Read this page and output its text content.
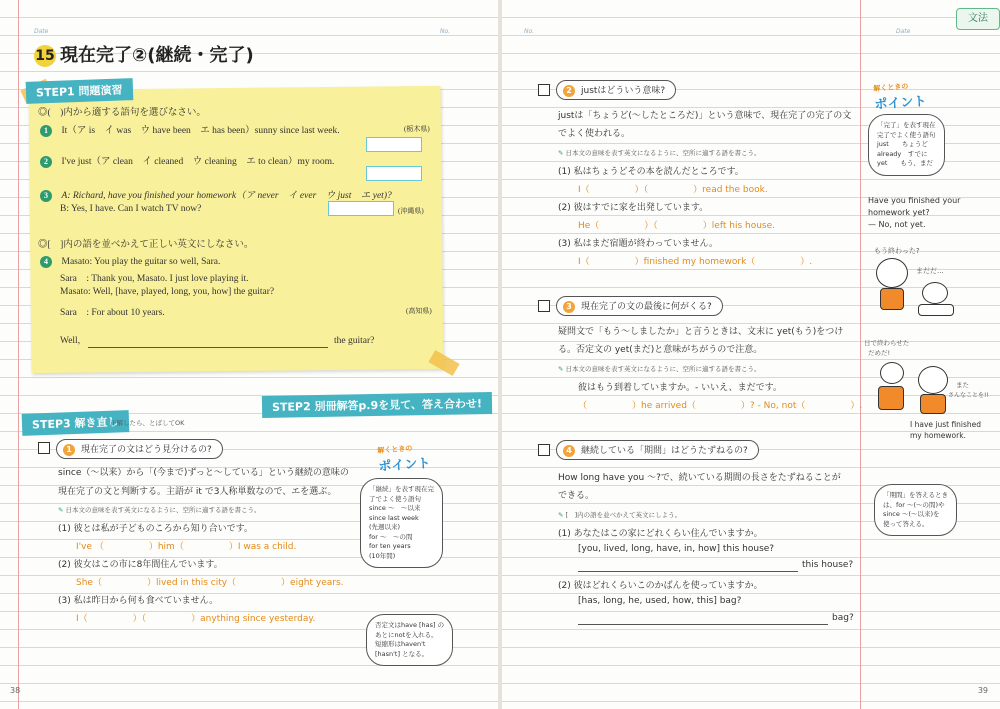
Date	No.
15 現在完了②(継続・完了)
STEP1 問題演習
◎(　)内から適する語句を選びなさい。
1　 It（ア is　イ was　ウ have been　エ has been）sunny since last week.	(栃木県)
2　 I've just（ア clean　イ cleaned　ウ cleaning　エ to clean）my room.
3　 A: Richard, have you finished your homework（ア never　イ ever　ウ just　エ yet)?
B: Yes, I have. Can I watch TV now?	(沖縄県)
◎[　]内の語を並べかえて正しい英文にしなさい。
4　 Masato: You play the guitar so well, Sara.
Sara　: Thank you, Masato. I just love playing it.
Masato: Well, [have, played, long, you, how] the guitar?
Sara　: For about 10 years.	(高知県)
Well,	the guitar?
STEP2 別冊解答p.9を見て、答え合わせ!
STEP3 解き直し
正解したら、とばしてOK
1 現在完了の文はどう見分けるの?
since（〜以来）から「(今まで)ずっと〜している」という継続の意味の
現在完了の文と判断する。主語が it で3人称単数なので、エを選ぶ。
✎ 日本文の意味を表す英文になるように、空所に適する語を書こう。
(1) 彼とは私が子どものころから知り合いです。
I've （　　　　　）him（　　　　　）I was a child.
(2) 彼女はこの市に8年間住んでいます。
She（　　　　　）lived in this city（　　　　　）eight years.
(3) 私は昨日から何も食べていません。
I（　　　　　）（　　　　　）anything since yesterday.
解くときの
ポイント
「継続」を表す現在完
了でよく使う語句
since ～　～以来
since last week
(先週以来)
for ～　～の間
for ten years
(10年間)
否定文はhave [has] の
あとにnotを入れる。
短縮形はhaven't
[hasn't] となる。
38
No.	Date
文法
2 justはどういう意味?
justは「ちょうど(〜したところだ)」という意味で、現在完了の完了の文
でよく使われる。
✎ 日本文の意味を表す英文になるように、空所に適する語を書こう。
(1) 私はちょうどその本を読んだところです。
I（　　　　　）（　　　　　）read the book.
(2) 彼はすでに家を出発しています。
He（　　　　　）（　　　　　）left his house.
(3) 私はまだ宿題が終わっていません。
I（　　　　　）finished my homework（　　　　　）.
3 現在完了の文の最後に何がくる?
疑問文で「もう〜しましたか」と言うときは、文末に yet(もう)をつけ
る。否定文の yet(まだ)と意味がちがうので注意。
✎ 日本文の意味を表す英文になるように、空所に適する語を書こう。
彼はもう到着していますか。- いいえ、まだです。
（　　　　　）he arrived（　　　　　）? - No, not（　　　　　）.
4 継続している「期間」はどうたずねるの?
How long have you ～?で、続いている期間の長さをたずねることが
できる。
✎ [　]内の語を並べかえて英文にしよう。
(1) あなたはこの家にどれくらい住んでいますか。
[you, lived, long, have, in, how] this house?
this house?
(2) 彼はどれくらいこのかばんを使っていますか。
[has, long, he, used, how, this] bag?
bag?
解くときの
ポイント
「完了」を表す現在
完了でよく使う語句
just　　ちょうど
already　すでに
yet　　もう、まだ
Have you finished your
homework yet?
— No, not yet.
もう終わった?
まだだ...
日で終わらせた
だめだ!
また
さんなことを!!
I have just finished
my homework.
「期間」を答えるとき
は、for ～(～の間)や
since ～(～以来)を
使って答える。
39
